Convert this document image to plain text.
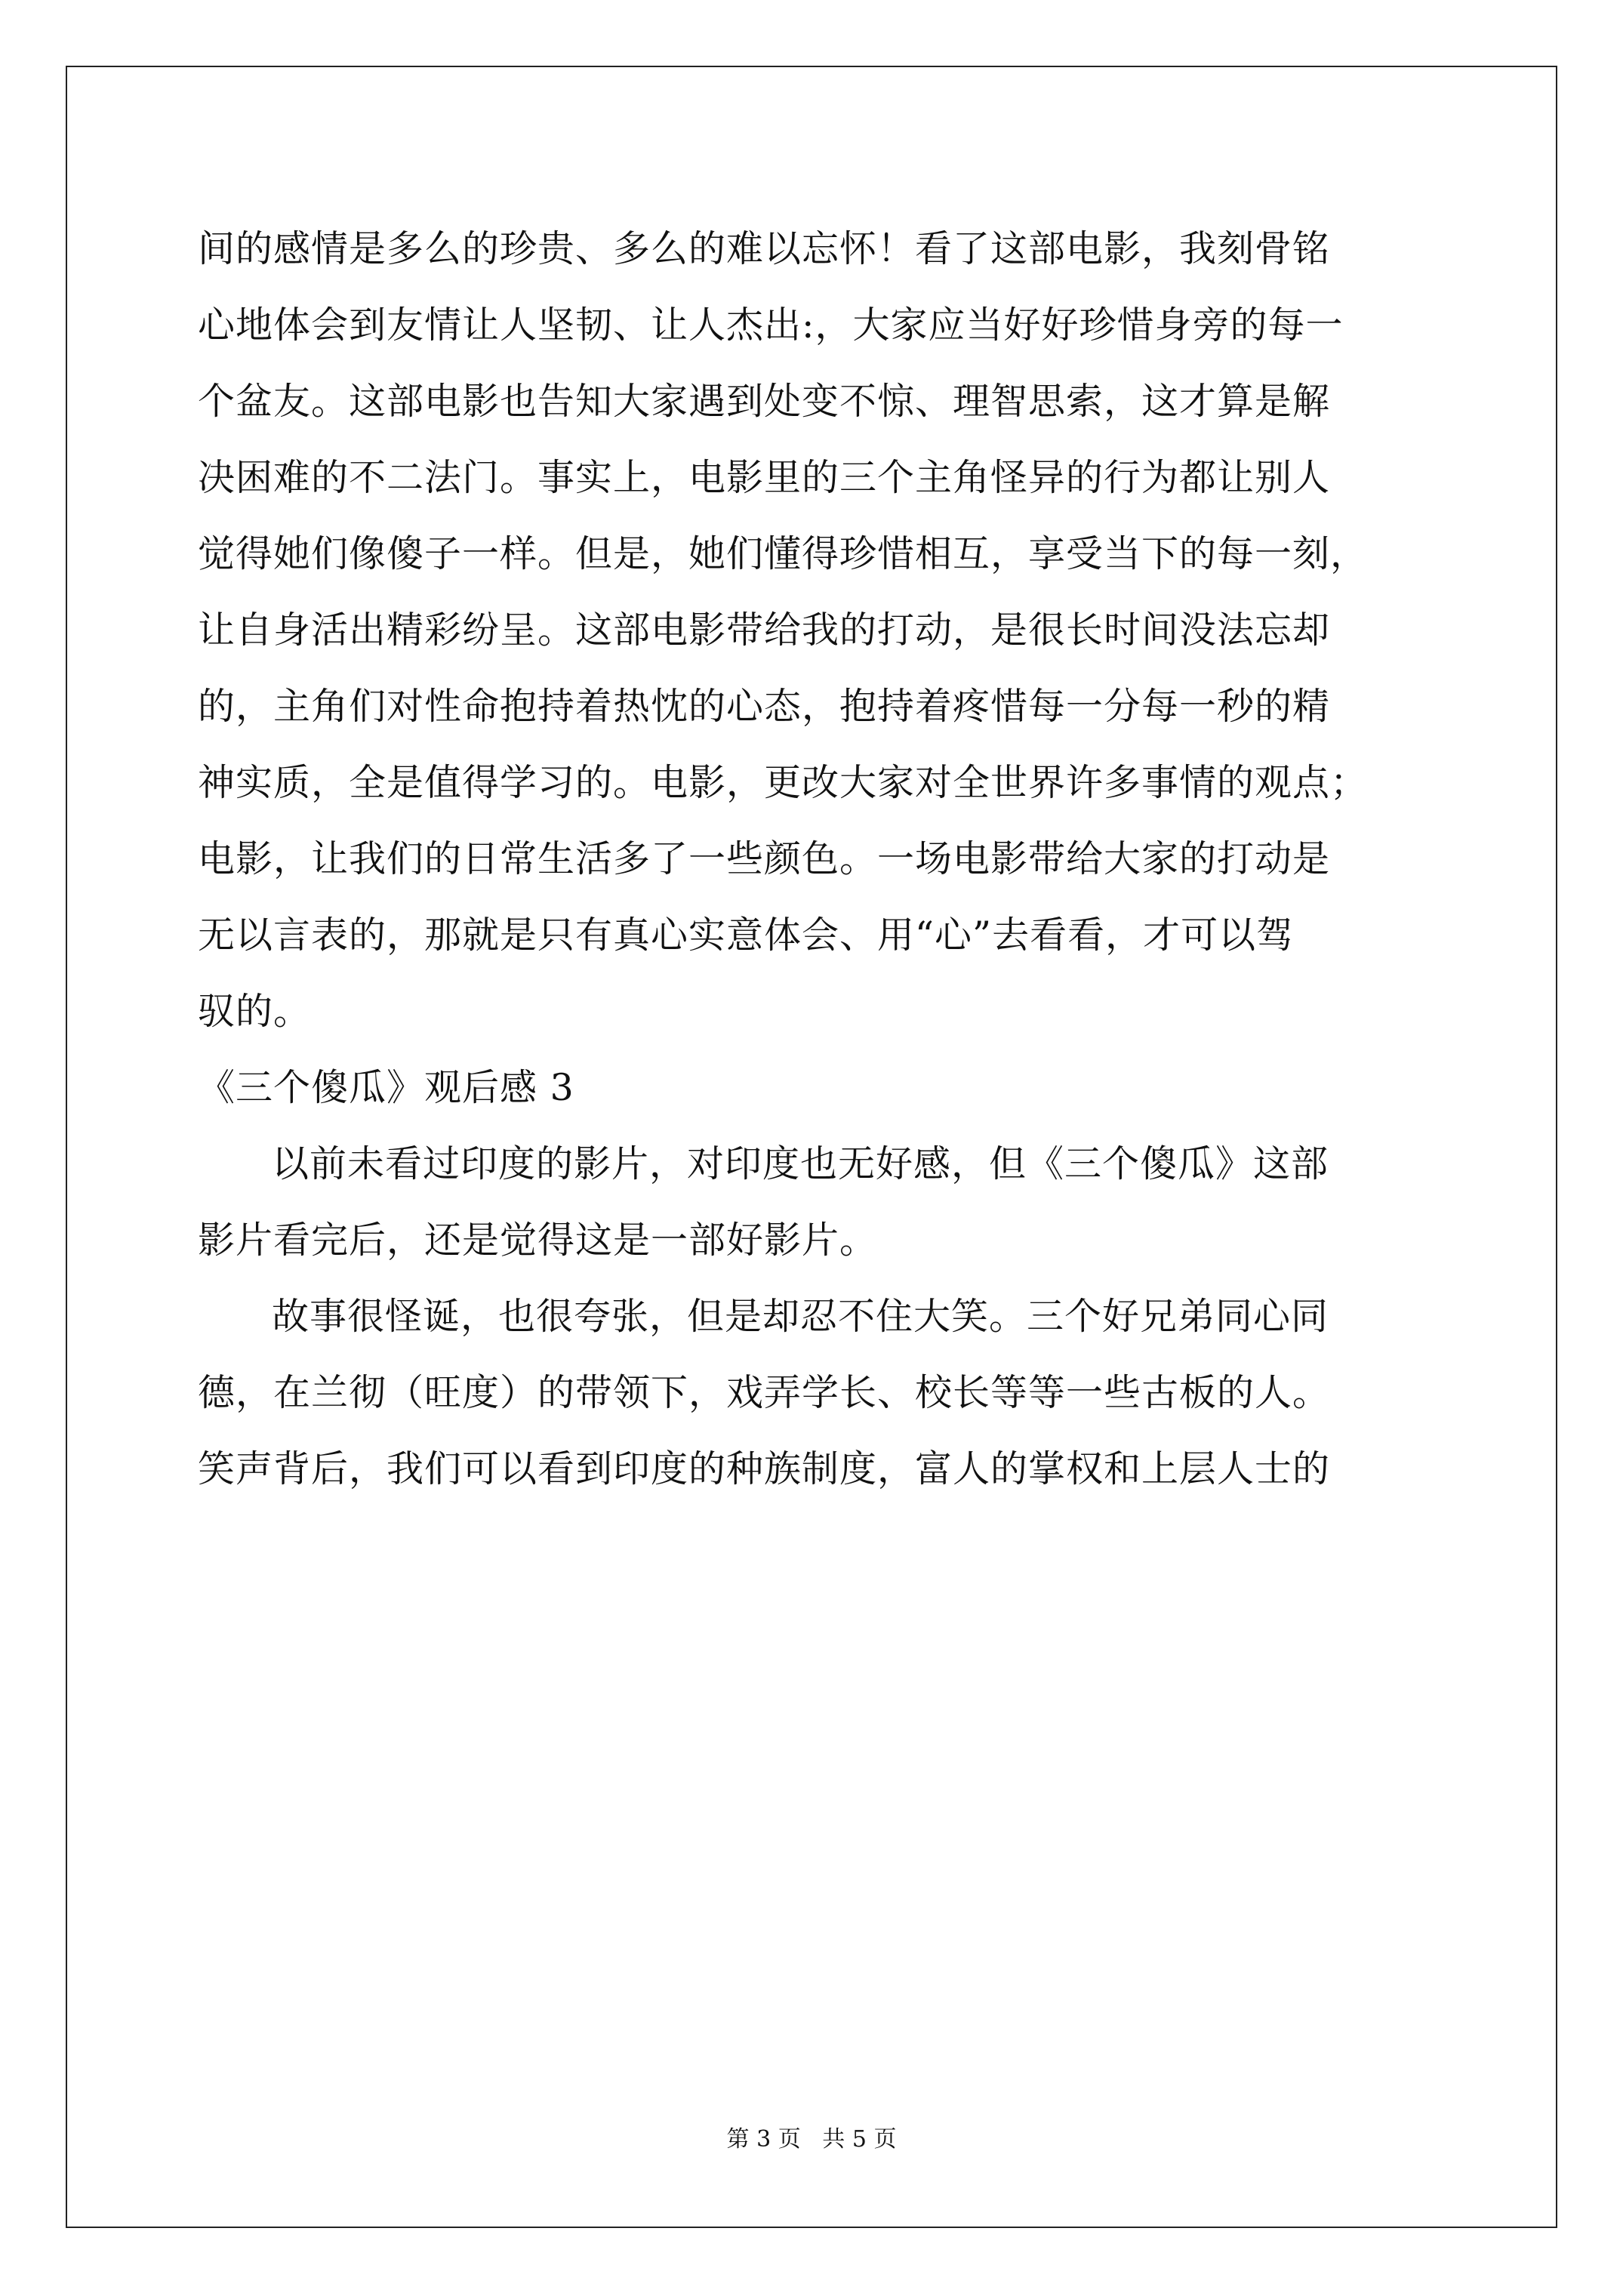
间的感情是多么的珍贵、多么的难以忘怀！看了这部电影，我刻骨铭
心地体会到友情让人坚韧、让人杰出:，大家应当好好珍惜身旁的每一
个盆友。这部电影也告知大家遇到处变不惊、理智思索，这才算是解
决困难的不二法门。事实上，电影里的三个主角怪异的行为都让别人
觉得她们像傻子一样。但是，她们懂得珍惜相互，享受当下的每一刻，
让自身活出精彩纷呈。这部电影带给我的打动，是很长时间没法忘却
的，主角们对性命抱持着热忱的心态，抱持着疼惜每一分每一秒的精
神实质，全是值得学习的。电影，更改大家对全世界许多事情的观点；
电影，让我们的日常生活多了一些颜色。一场电影带给大家的打动是
无以言表的，那就是只有真心实意体会、用“心”去看看，才可以驾
驭的。
《三个傻瓜》观后感 3
以前未看过印度的影片，对印度也无好感，但《三个傻瓜》这部
影片看完后，还是觉得这是一部好影片。
故事很怪诞，也很夸张，但是却忍不住大笑。三个好兄弟同心同
德，在兰彻（旺度）的带领下，戏弄学长、校长等等一些古板的人。
笑声背后，我们可以看到印度的种族制度，富人的掌权和上层人士的
第 3 页   共 5 页
